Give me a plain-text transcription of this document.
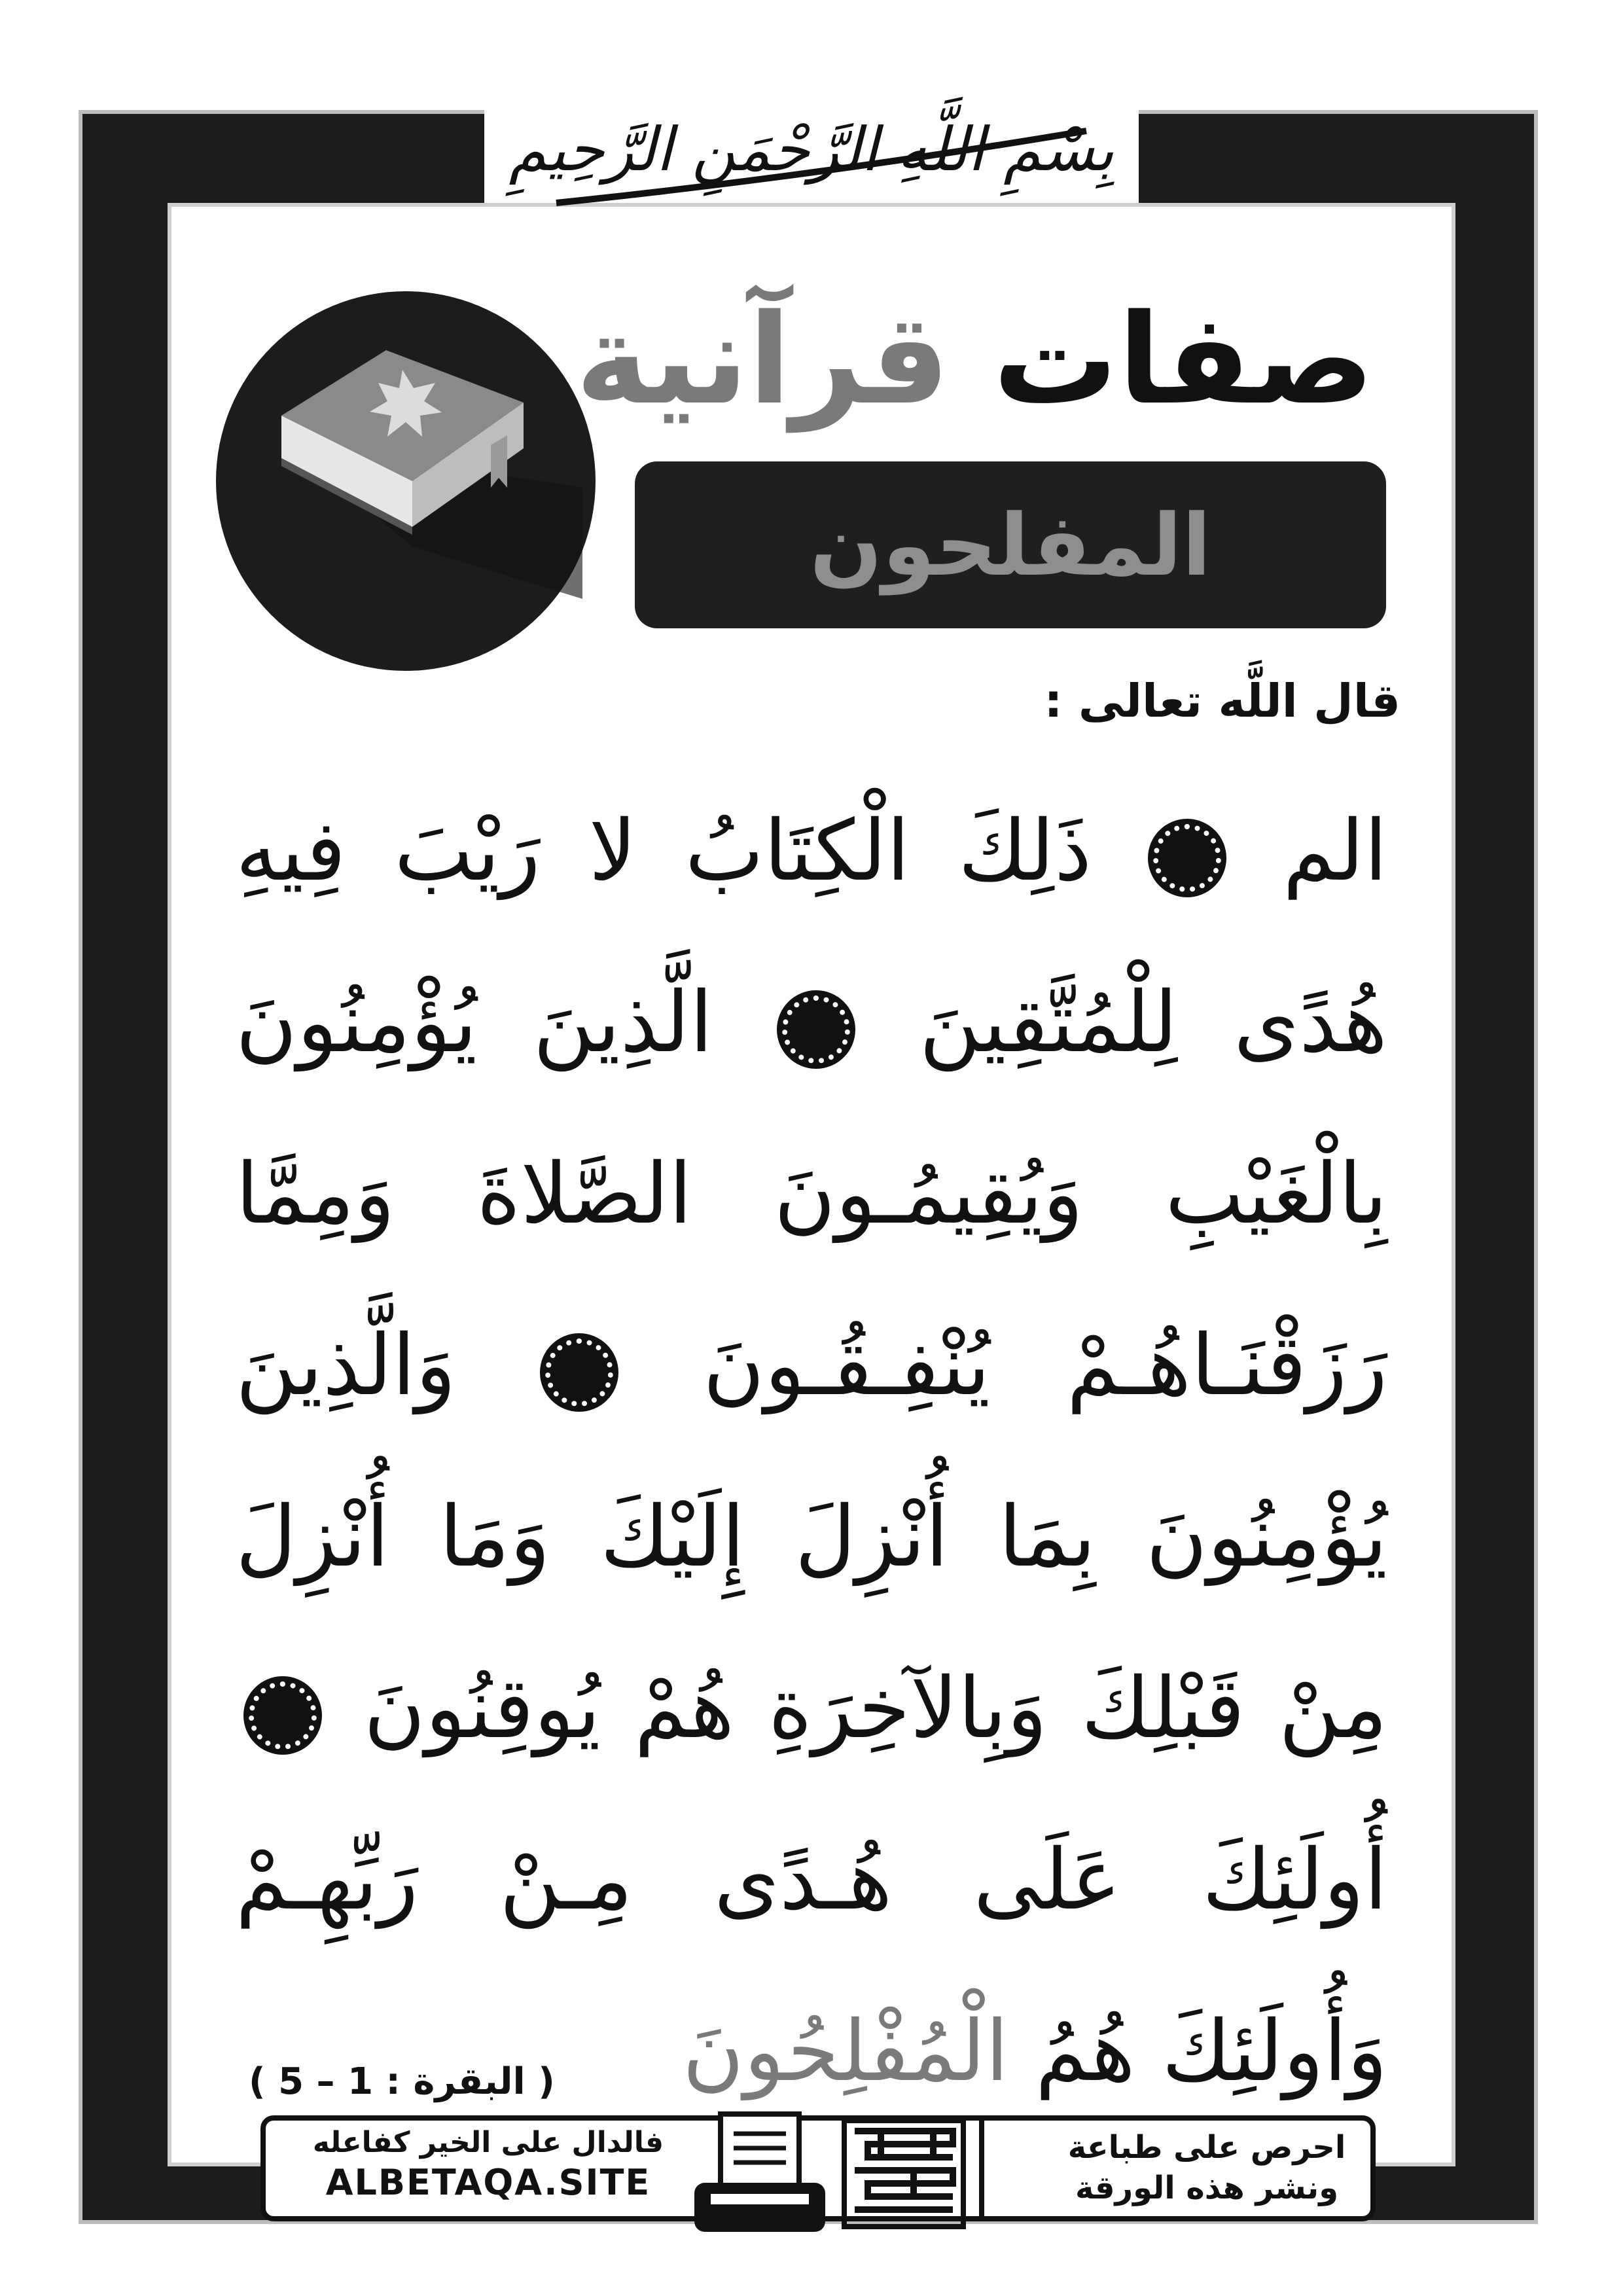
بِسْمِ اللَّهِ الرَّحْمَنِ الرَّحِيمِ
صفات قرآنية
المفلحون
قال اللَّه تعالى :
الم  ذَلِكَ الْكِتَابُ لا رَيْبَ فِيهِ
هُدًى لِلْمُتَّقِينَ  الَّذِينَ يُؤْمِنُونَ
بِالْغَيْبِ وَيُقِيمُـونَ الصَّلاةَ وَمِمَّا
رَزَقْنَـاهُـمْ يُنْفِـقُـونَ  وَالَّذِينَ
يُؤْمِنُونَ بِمَا أُنْزِلَ إِلَيْكَ وَمَا أُنْزِلَ
مِنْ قَبْلِكَ وَبِالآخِرَةِ هُمْ يُوقِنُونَ
أُولَئِكَ عَلَى هُـدًى مِـنْ رَبِّهِـمْ
وَأُولَئِكَ هُمُ الْمُفْلِحُونَ
( البقرة : 1 – 5 )
فالدال على الخير كفاعله
ALBETAQA.SITE
احرص على طباعة
ونشر هذه الورقة
